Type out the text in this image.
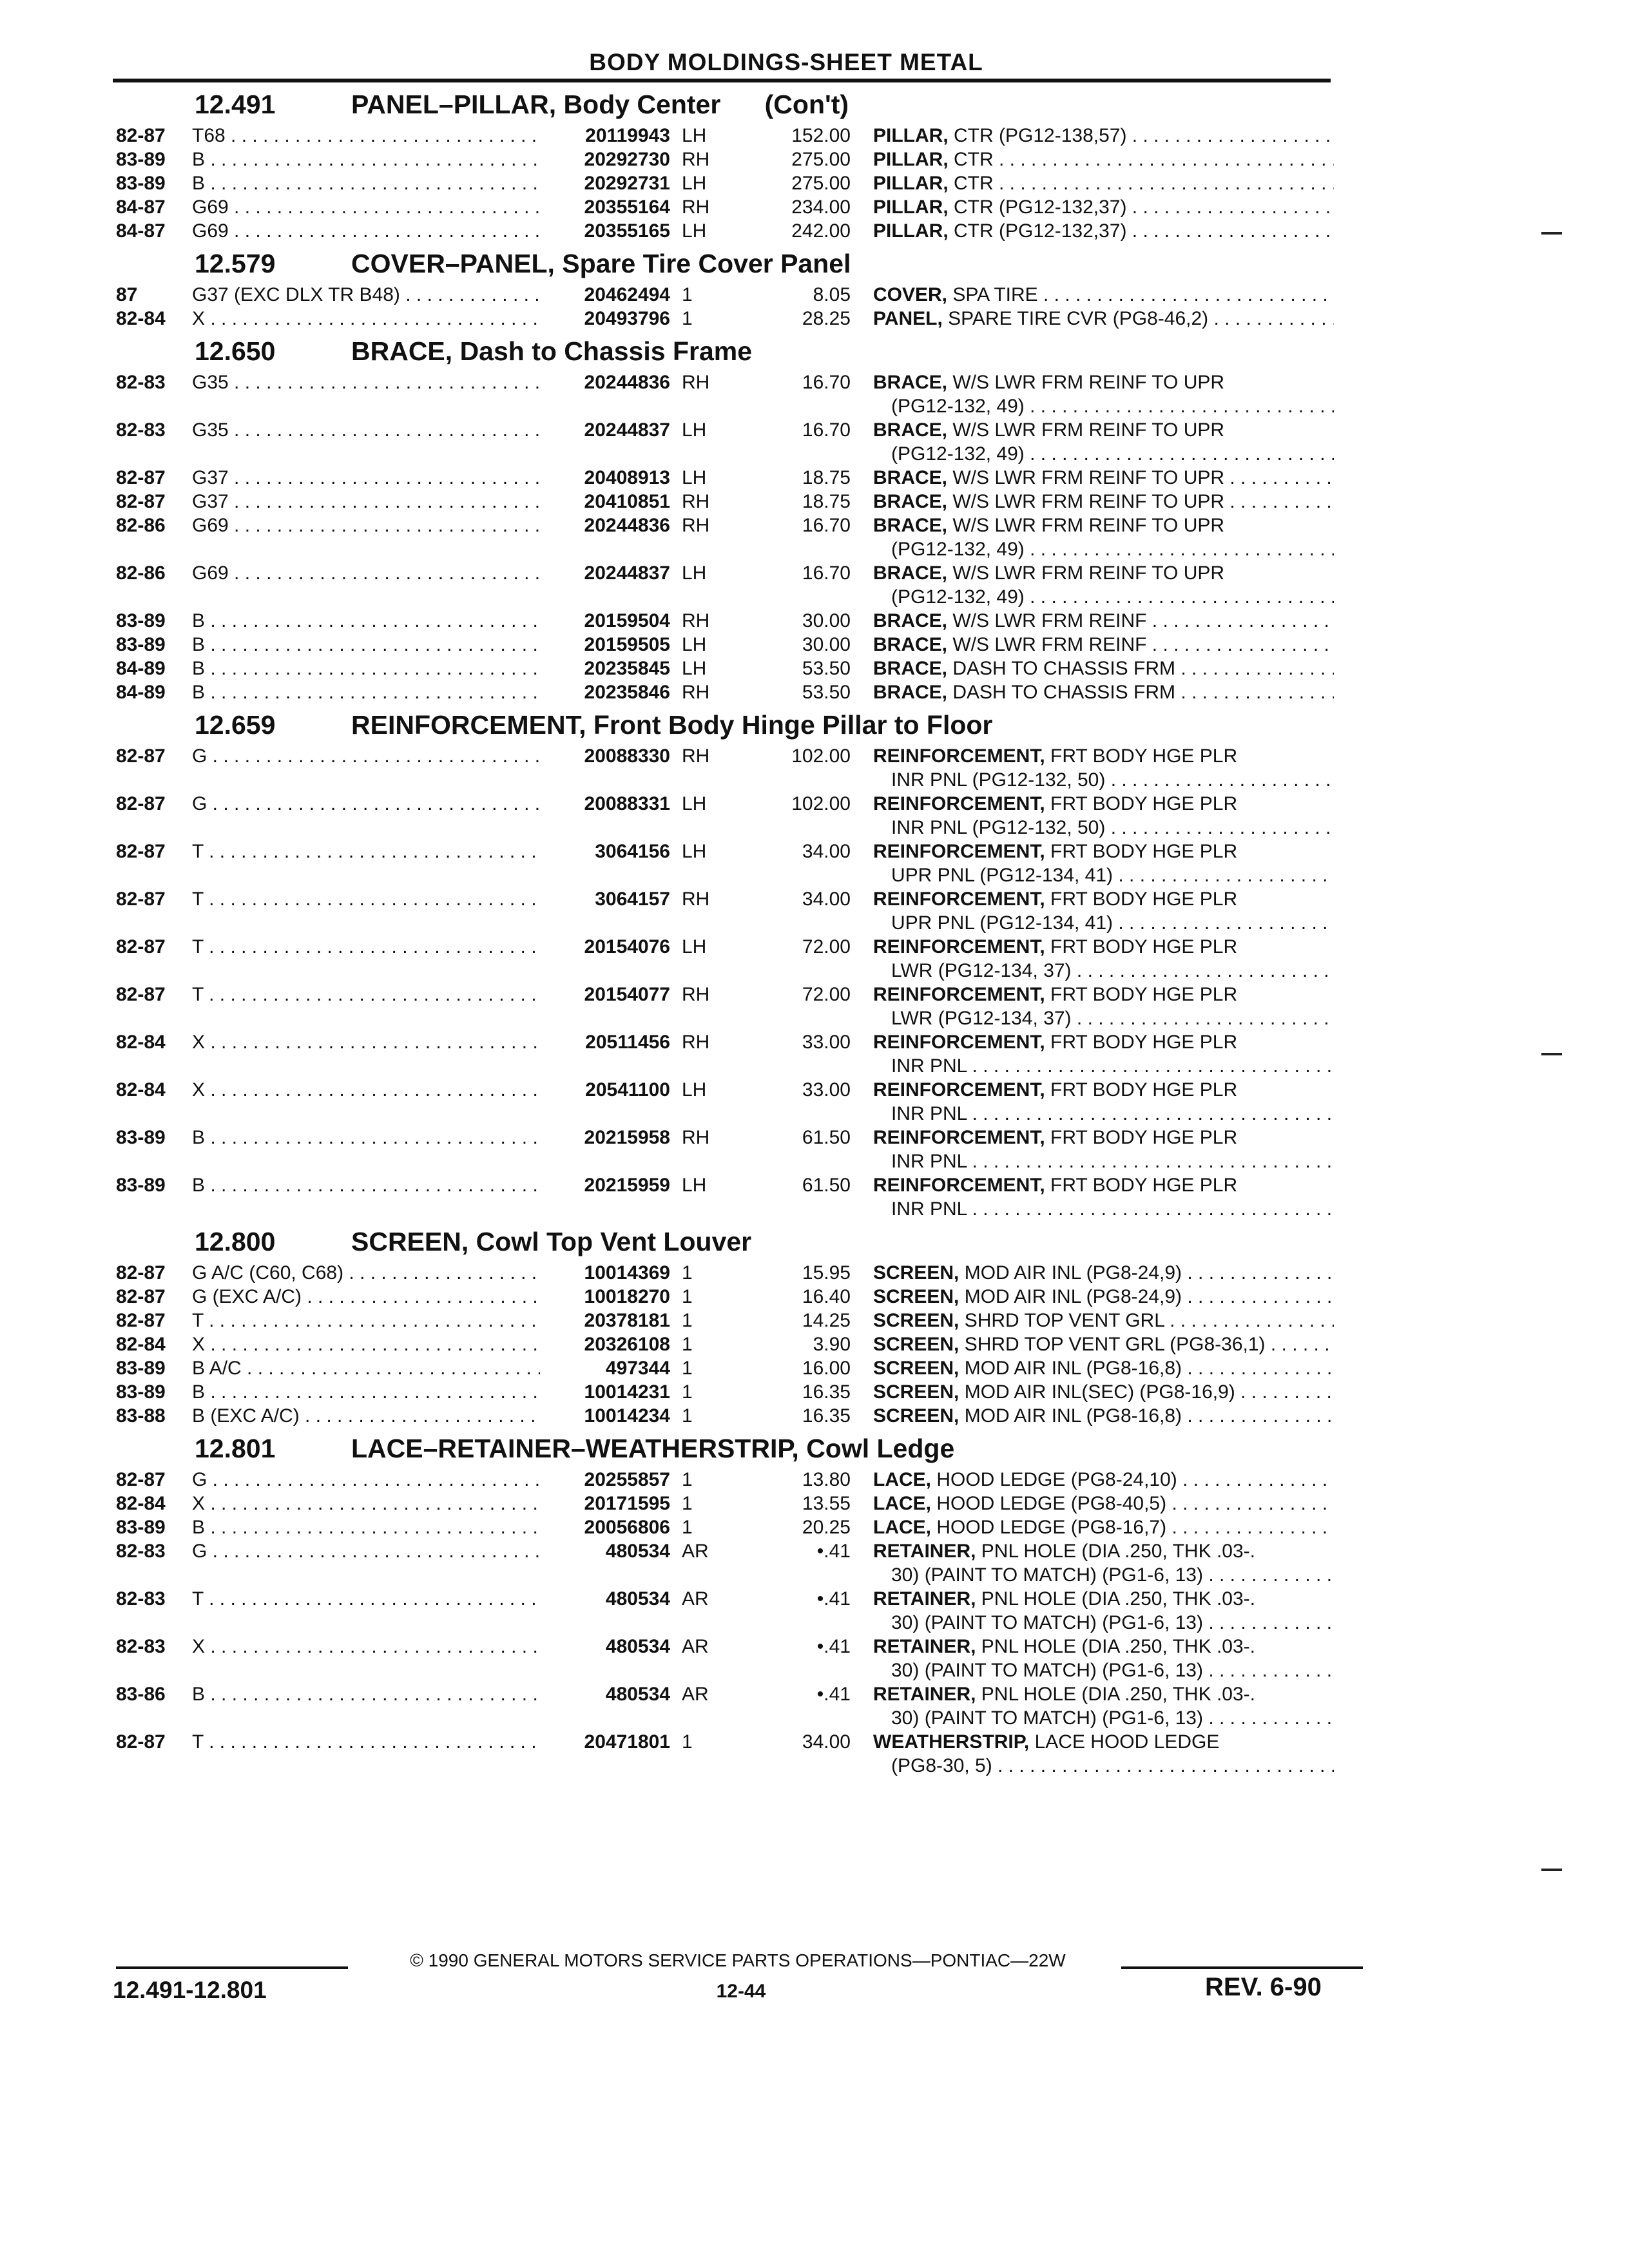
BODY MOLDINGS-SHEET METAL
12.491	PANEL–PILLAR, Body Center      (Con't)
82-87 T68 . . .	20119943 LH	152.00 PILLAR, CTR (PG12-138,57) . . .
83-89 B . . .	20292730 RH	275.00 PILLAR, CTR . . .
83-89 B . . .	20292731 LH	275.00 PILLAR, CTR . . .
84-87 G69 . . .	20355164 RH	234.00 PILLAR, CTR (PG12-132,37) . . .
84-87 G69 . . .	20355165 LH	242.00 PILLAR, CTR (PG12-132,37) . . .
12.579	COVER–PANEL, Spare Tire Cover Panel
87	G37 (EXC DLX TR B48) . . .	20462494 1	8.05 COVER, SPA TIRE . . .
82-84 X . . .	20493796 1	28.25 PANEL, SPARE TIRE CVR (PG8-46,2) . . .
12.650	BRACE, Dash to Chassis Frame
82-83 G35 . . .	20244836 RH	16.70 BRACE, W/S LWR FRM REINF TO UPR
(PG12-132, 49) . . .
82-83 G35 . . .	20244837 LH	16.70 BRACE, W/S LWR FRM REINF TO UPR
(PG12-132, 49) . . .
82-87 G37 . . .	20408913 LH	18.75 BRACE, W/S LWR FRM REINF TO UPR . . .
82-87 G37 . . .	20410851 RH	18.75 BRACE, W/S LWR FRM REINF TO UPR . . .
82-86 G69 . . .	20244836 RH	16.70 BRACE, W/S LWR FRM REINF TO UPR
(PG12-132, 49) . . .
82-86 G69 . . .	20244837 LH	16.70 BRACE, W/S LWR FRM REINF TO UPR
(PG12-132, 49) . . .
83-89 B . . .	20159504 RH	30.00 BRACE, W/S LWR FRM REINF . . .
83-89 B . . .	20159505 LH	30.00 BRACE, W/S LWR FRM REINF . . .
84-89 B . . .	20235845 LH	53.50 BRACE, DASH TO CHASSIS FRM . . .
84-89 B . . .	20235846 RH	53.50 BRACE, DASH TO CHASSIS FRM . . .
12.659	REINFORCEMENT, Front Body Hinge Pillar to Floor
82-87 G . . .	20088330 RH	102.00 REINFORCEMENT, FRT BODY HGE PLR
INR PNL (PG12-132, 50) . . .
82-87 G . . .	20088331 LH	102.00 REINFORCEMENT, FRT BODY HGE PLR
INR PNL (PG12-132, 50) . . .
82-87 T . . .	3064156 LH	34.00 REINFORCEMENT, FRT BODY HGE PLR
UPR PNL (PG12-134, 41) . . .
82-87 T . . .	3064157 RH	34.00 REINFORCEMENT, FRT BODY HGE PLR
UPR PNL (PG12-134, 41) . . .
82-87 T . . .	20154076 LH	72.00 REINFORCEMENT, FRT BODY HGE PLR
LWR (PG12-134, 37) . . .
82-87 T . . .	20154077 RH	72.00 REINFORCEMENT, FRT BODY HGE PLR
LWR (PG12-134, 37) . . .
82-84 X . . .	20511456 RH	33.00 REINFORCEMENT, FRT BODY HGE PLR
INR PNL . . .
82-84 X . . .	20541100 LH	33.00 REINFORCEMENT, FRT BODY HGE PLR
INR PNL . . .
83-89 B . . .	20215958 RH	61.50 REINFORCEMENT, FRT BODY HGE PLR
INR PNL . . .
83-89 B . . .	20215959 LH	61.50 REINFORCEMENT, FRT BODY HGE PLR
INR PNL . . .
12.800	SCREEN, Cowl Top Vent Louver
82-87 G A/C (C60, C68) . . .	10014369 1	15.95 SCREEN, MOD AIR INL (PG8-24,9) . . .
82-87 G (EXC A/C) . . .	10018270 1	16.40 SCREEN, MOD AIR INL (PG8-24,9) . . .
82-87 T . . .	20378181 1	14.25 SCREEN, SHRD TOP VENT GRL . . .
82-84 X . . .	20326108 1	3.90 SCREEN, SHRD TOP VENT GRL (PG8-36,1) . . .
83-89 B A/C . . .	497344 1	16.00 SCREEN, MOD AIR INL (PG8-16,8) . . .
83-89 B . . .	10014231 1	16.35 SCREEN, MOD AIR INL(SEC) (PG8-16,9) . . .
83-88 B (EXC A/C) . . .	10014234 1	16.35 SCREEN, MOD AIR INL (PG8-16,8) . . .
12.801	LACE–RETAINER–WEATHERSTRIP, Cowl Ledge
82-87 G . . .	20255857 1	13.80 LACE, HOOD LEDGE (PG8-24,10) . . .
82-84 X . . .	20171595 1	13.55 LACE, HOOD LEDGE (PG8-40,5) . . .
83-89 B . . .	20056806 1	20.25 LACE, HOOD LEDGE (PG8-16,7) . . .
82-83 G . . .	480534 AR	•.41 RETAINER, PNL HOLE (DIA .250, THK .03-.
30) (PAINT TO MATCH) (PG1-6, 13) . . .
82-83 T . . .	480534 AR	•.41 RETAINER, PNL HOLE (DIA .250, THK .03-.
30) (PAINT TO MATCH) (PG1-6, 13) . . .
82-83 X . . .	480534 AR	•.41 RETAINER, PNL HOLE (DIA .250, THK .03-.
30) (PAINT TO MATCH) (PG1-6, 13) . . .
83-86 B . . .	480534 AR	•.41 RETAINER, PNL HOLE (DIA .250, THK .03-.
30) (PAINT TO MATCH) (PG1-6, 13) . . .
82-87 T . . .	20471801 1	34.00 WEATHERSTRIP, LACE HOOD LEDGE
(PG8-30, 5) . . .
© 1990 GENERAL MOTORS SERVICE PARTS OPERATIONS—PONTIAC—22W
12.491-12.801	12-44	REV. 6-90
